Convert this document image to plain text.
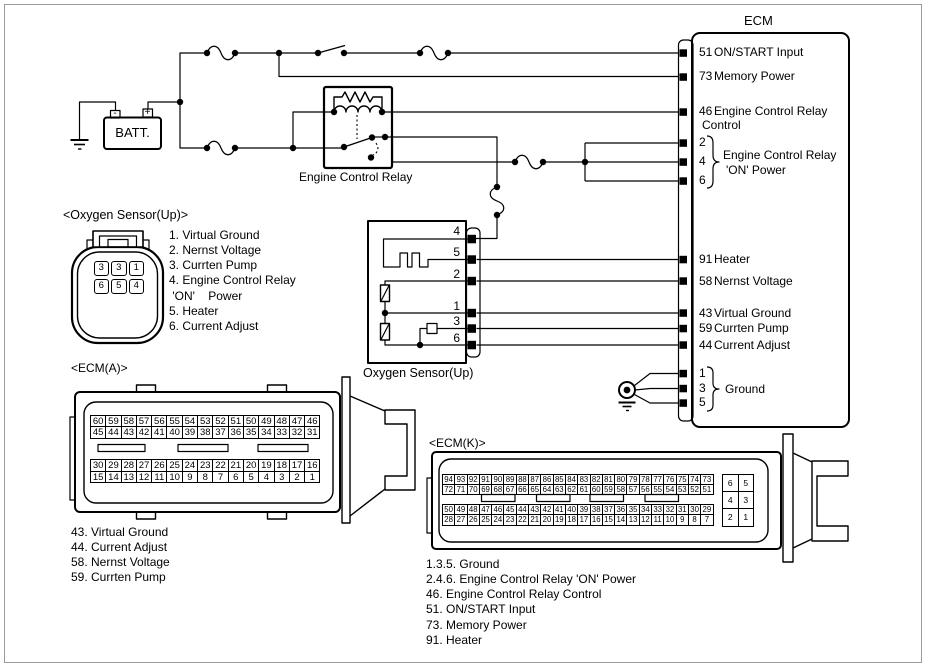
ECM
51 ON/START Input
73 Memory Power
46 Engine Control Relay
Control
2
4
6
Engine Control Relay
'ON' Power
91 Heater
58 Nernst Voltage
43 Virtual Ground
59 Currten Pump
44 Current Adjust
1
3
5
Ground
BATT.
-	+
Engine Control Relay
4
5
2
1
3
6
Oxygen Sensor(Up)
<Oxygen Sensor(Up)>
3	3	1
6	5	4
1. Virtual Ground
2. Nernst Voltage
3. Currten Pump
4. Engine Control Relay
'ON'    Power
5. Heater
6. Current Adjust
<ECM(A)>
60 59 58 57 56 55 54 53 52 51 50 49 48 47 46
45 44 43 42 41 40 39 38 37 36 35 34 33 32 31
30 29 28 27 26 25 24 23 22 21 20 19 18 17 16
15 14 13 12 11 10 9	8	7	6	5	4	3	2	1
43. Virtual Ground
44. Current Adjust
58. Nernst Voltage
59. Currten Pump
<ECM(K)>
94 93 92 91 90 89 88 87 86 85 84 83 82 81 80 79 78 77 76 75 74 73
72 71 70 69 68 67 66 65 64 63 62 61 60 59 58 57 56 55 54 53 52 51
50 49 48 47 46 45 44 43 42 41 40 39 38 37 36 35 34 33 32 31 30 29
28 27 26 25 24 23 22 21 20 19 18 17 16 15 14 13 12 11 10 9	8	7
6	5
4	3
2	1
1.3.5. Ground
2.4.6. Engine Control Relay 'ON' Power
46. Engine Control Relay Control
51. ON/START Input
73. Memory Power
91. Heater
